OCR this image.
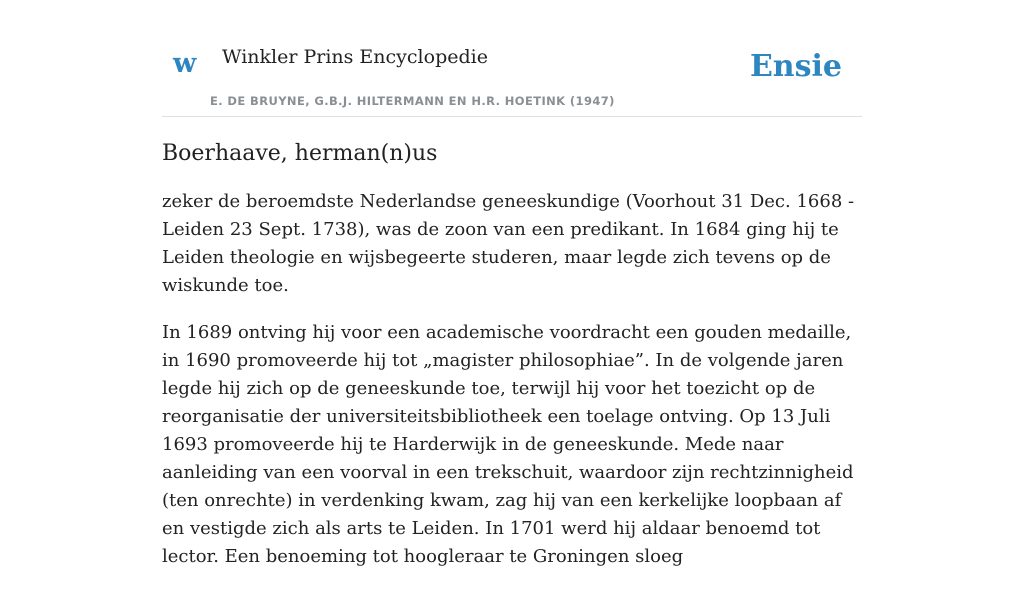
w Winkler Prins Encyclopedie
E. DE BRUYNE, G.B.J. HILTERMANN EN H.R. HOETINK (1947)
Ensie
Boerhaave, herman(n)us

zeker de beroemdste Nederlandse geneeskundige (Voorhout 31 Dec. 1668 - Leiden 23 Sept. 1738), was de zoon van een predikant. In 1684 ging hij te Leiden theologie en wijsbegeerte studeren, maar legde zich tevens op de wiskunde toe.

In 1689 ontving hij voor een academische voordracht een gouden medaille, in 1690 promoveerde hij tot „magister philosophiae”. In de volgende jaren legde hij zich op de geneeskunde toe, terwijl hij voor het toezicht op de reorganisatie der universiteitsbibliotheek een toelage ontving. Op 13 Juli 1693 promoveerde hij te Harderwijk in de geneeskunde. Mede naar aanleiding van een voorval in een trekschuit, waardoor zijn rechtzinnigheid (ten onrechte) in verdenking kwam, zag hij van een kerkelijke loopbaan af en vestigde zich als arts te Leiden. In 1701 werd hij aldaar benoemd tot lector. Een benoeming tot hoogleraar te Groningen sloeg
